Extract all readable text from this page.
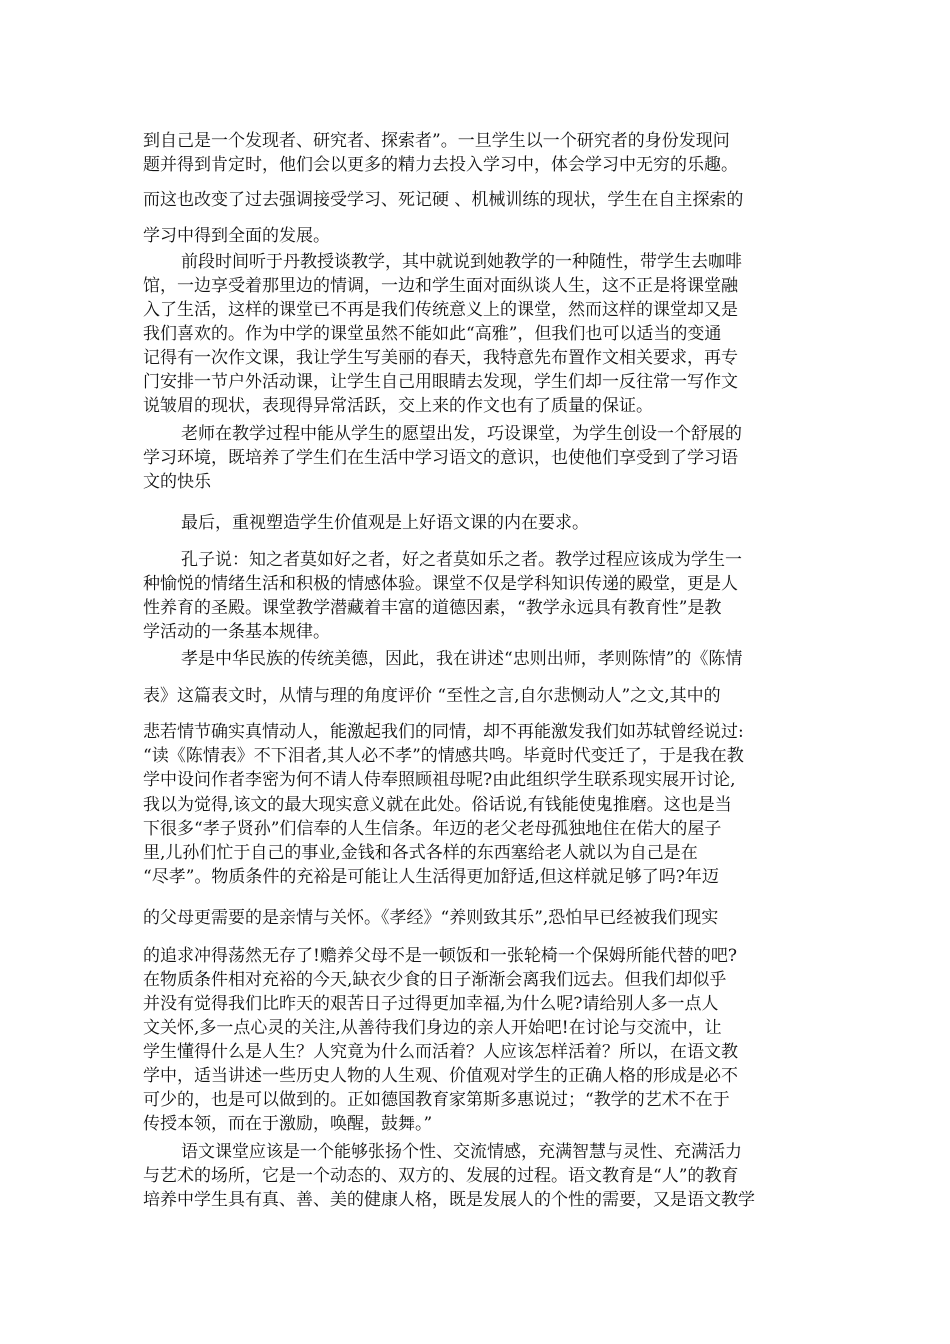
到自己是一个发现者、研究者、探索者”。一旦学生以一个研究者的身份发现问
题并得到肯定时，他们会以更多的精力去投入学习中，体会学习中无穷的乐趣。
而这也改变了过去强调接受学习、死记硬 、机械训练的现状，学生在自主探索的
学习中得到全面的发展。
前段时间听于丹教授谈教学，其中就说到她教学的一种随性，带学生去咖啡
馆，一边享受着那里边的情调，一边和学生面对面纵谈人生，这不正是将课堂融
入了生活，这样的课堂已不再是我们传统意义上的课堂，然而这样的课堂却又是
我们喜欢的。作为中学的课堂虽然不能如此“高雅”，但我们也可以适当的变通
记得有一次作文课，我让学生写美丽的春天，我特意先布置作文相关要求，再专
门安排一节户外活动课，让学生自己用眼睛去发现，学生们却一反往常一写作文
说皱眉的现状，表现得异常活跃，交上来的作文也有了质量的保证。
老师在教学过程中能从学生的愿望出发，巧设课堂，为学生创设一个舒展的
学习环境，既培养了学生们在生活中学习语文的意识，也使他们享受到了学习语
文的快乐
最后，重视塑造学生价值观是上好语文课的内在要求。
孔子说：知之者莫如好之者，好之者莫如乐之者。教学过程应该成为学生一
种愉悦的情绪生活和积极的情感体验。课堂不仅是学科知识传递的殿堂，更是人
性养育的圣殿。课堂教学潜藏着丰富的道德因素，“教学永远具有教育性”是教
学活动的一条基本规律。
孝是中华民族的传统美德，因此，我在讲述“忠则出师，孝则陈情”的《陈情
表》这篇表文时，从情与理的角度评价 “至性之言,自尔悲恻动人”之文,其中的
悲若情节确实真情动人，能激起我们的同情，却不再能激发我们如苏轼曾经说过:
“读《陈情表》不下泪者,其人必不孝”的情感共鸣。毕竟时代变迁了，于是我在教
学中设问作者李密为何不请人侍奉照顾祖母呢?由此组织学生联系现实展开讨论,
我以为觉得,该文的最大现实意义就在此处。俗话说,有钱能使鬼推磨。这也是当
下很多“孝子贤孙”们信奉的人生信条。年迈的老父老母孤独地住在偌大的屋子
里,儿孙们忙于自己的事业,金钱和各式各样的东西塞给老人就以为自己是在
“尽孝”。物质条件的充裕是可能让人生活得更加舒适,但这样就足够了吗?年迈
的父母更需要的是亲情与关怀。《孝经》“养则致其乐”,恐怕早已经被我们现实
的追求冲得荡然无存了!赡养父母不是一顿饭和一张轮椅一个保姆所能代替的吧?
在物质条件相对充裕的今天,缺衣少食的日子渐渐会离我们远去。但我们却似乎
并没有觉得我们比昨天的艰苦日子过得更加幸福,为什么呢?请给别人多一点人
文关怀,多一点心灵的关注,从善待我们身边的亲人开始吧!在讨论与交流中，让
学生懂得什么是人生？人究竟为什么而活着？人应该怎样活着？所以，在语文教
学中，适当讲述一些历史人物的人生观、价值观对学生的正确人格的形成是必不
可少的，也是可以做到的。正如德国教育家第斯多惠说过；“教学的艺术不在于
传授本领，而在于激励，唤醒，鼓舞。”
语文课堂应该是一个能够张扬个性、交流情感，充满智慧与灵性、充满活力
与艺术的场所，它是一个动态的、双方的、发展的过程。语文教育是“人”的教育
培养中学生具有真、善、美的健康人格，既是发展人的个性的需要，又是语文教学
